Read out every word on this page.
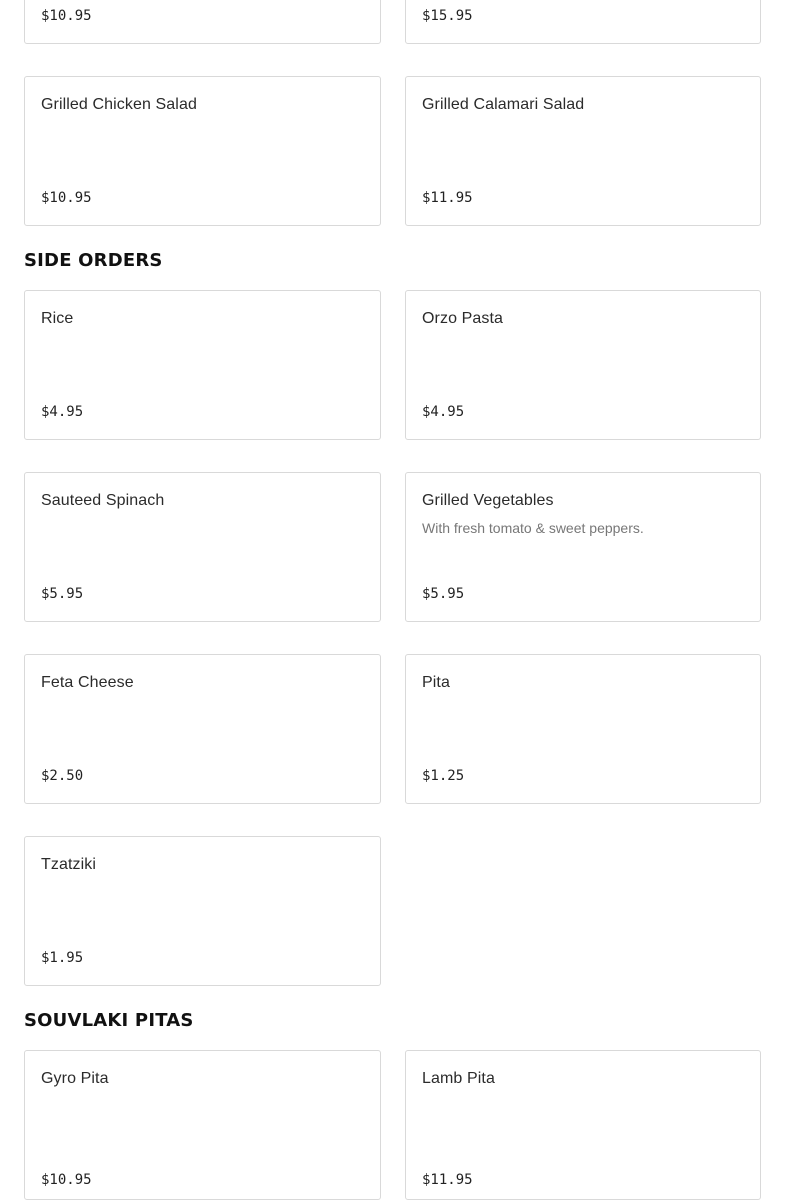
$10.95	$15.95
Grilled Chicken Salad
$10.95
Grilled Calamari Salad
$11.95
SIDE ORDERS
Rice
$4.95
Orzo Pasta
$4.95
Sauteed Spinach
$5.95
Grilled Vegetables
With fresh tomato & sweet peppers.
$5.95
Feta Cheese
$2.50
Pita
$1.25
Tzatziki
$1.95
SOUVLAKI PITAS
Gyro Pita
$10.95
Lamb Pita
$11.95
